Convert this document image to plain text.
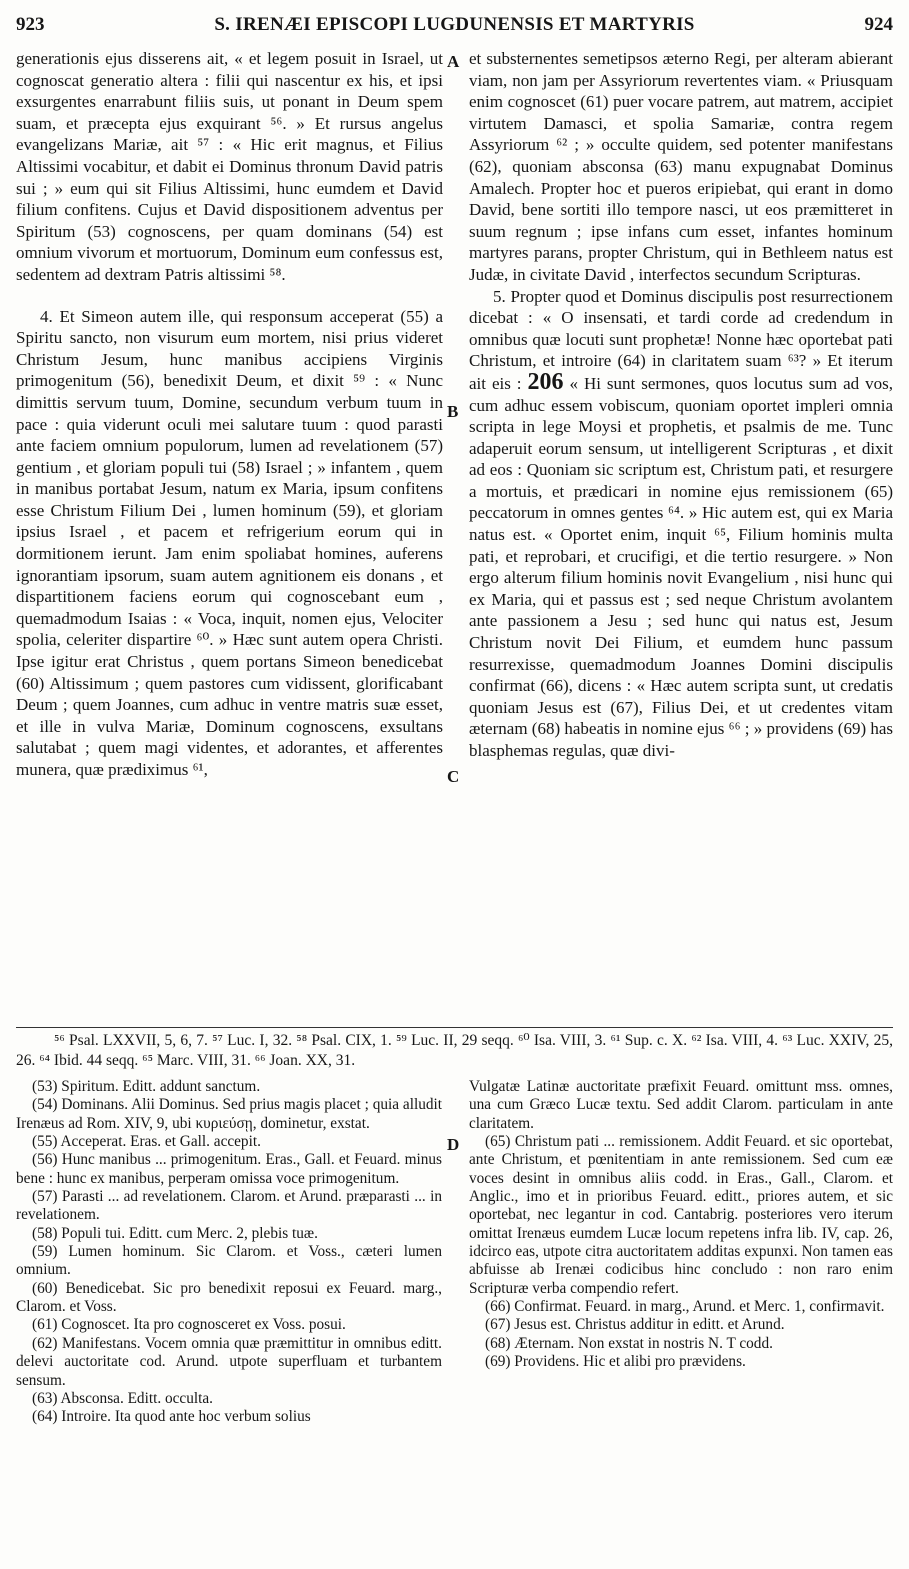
923	S. IRENÆI EPISCOPI LUGDUNENSIS ET MARTYRIS	924
A
B
C
D

generationis ejus disserens ait, « et legem posuit in Israel, ut cognoscat generatio altera : filii qui nascentur ex his, et ipsi exsurgentes enarrabunt filiis suis, ut ponant in Deum spem suam, et præcepta ejus exquirant ⁵⁶. » Et rursus angelus evangelizans Mariæ, ait ⁵⁷ : « Hic erit magnus, et Filius Altissimi vocabitur, et dabit ei Dominus thronum David patris sui ; » eum qui sit Filius Altissimi, hunc eumdem et David filium confitens. Cujus et David dispositionem adventus per Spiritum (53) cognoscens, per quam dominans (54) est omnium vivorum et mortuorum, Dominum eum confessus est, sedentem ad dextram Patris altissimi ⁵⁸.

4. Et Simeon autem ille, qui responsum acceperat (55) a Spiritu sancto, non visurum eum mortem, nisi prius videret Christum Jesum, hunc manibus accipiens Virginis primogenitum (56), benedixit Deum, et dixit ⁵⁹ : « Nunc dimittis servum tuum, Domine, secundum verbum tuum in pace : quia viderunt oculi mei salutare tuum : quod parasti ante faciem omnium populorum, lumen ad revelationem (57) gentium , et gloriam populi tui (58) Israel ; » infantem , quem in manibus portabat Jesum, natum ex Maria, ipsum confitens esse Christum Filium Dei , lumen hominum (59), et gloriam ipsius Israel , et pacem et refrigerium eorum qui in dormitionem ierunt. Jam enim spoliabat homines, auferens ignorantiam ipsorum, suam autem agnitionem eis donans , et dispartitionem faciens eorum qui cognoscebant eum , quemadmodum Isaias : « Voca, inquit, nomen ejus, Velociter spolia, celeriter dispartire ⁶⁰. » Hæc sunt autem opera Christi. Ipse igitur erat Christus , quem portans Simeon benedicebat (60) Altissimum ; quem pastores cum vidissent, glorificabant Deum ; quem Joannes, cum adhuc in ventre matris suæ esset, et ille in vulva Mariæ, Dominum cognoscens, exsultans salutabat ; quem magi videntes, et adorantes, et afferentes munera, quæ prædiximus ⁶¹,

et substernentes semetipsos æterno Regi, per alteram abierant viam, non jam per Assyriorum revertentes viam. « Priusquam enim cognoscet (61) puer vocare patrem, aut matrem, accipiet virtutem Damasci, et spolia Samariæ, contra regem Assyriorum ⁶² ; » occulte quidem, sed potenter manifestans (62), quoniam absconsa (63) manu expugnabat Dominus Amalech. Propter hoc et pueros eripiebat, qui erant in domo David, bene sortiti illo tempore nasci, ut eos præmitteret in suum regnum ; ipse infans cum esset, infantes hominum martyres parans, propter Christum, qui in Bethleem natus est Judæ, in civitate David , interfectos secundum Scripturas.

5. Propter quod et Dominus discipulis post resurrectionem dicebat : « O insensati, et tardi corde ad credendum in omnibus quæ locuti sunt prophetæ! Nonne hæc oportebat pati Christum, et introire (64) in claritatem suam ⁶³? » Et iterum ait eis : 206 « Hi sunt sermones, quos locutus sum ad vos, cum adhuc essem vobiscum, quoniam oportet impleri omnia scripta in lege Moysi et prophetis, et psalmis de me. Tunc adaperuit eorum sensum, ut intelligerent Scripturas , et dixit ad eos : Quoniam sic scriptum est, Christum pati, et resurgere a mortuis, et prædicari in nomine ejus remissionem (65) peccatorum in omnes gentes ⁶⁴. » Hic autem est, qui ex Maria natus est. « Oportet enim, inquit ⁶⁵, Filium hominis multa pati, et reprobari, et crucifigi, et die tertio resurgere. » Non ergo alterum filium hominis novit Evangelium , nisi hunc qui ex Maria, qui et passus est ; sed neque Christum avolantem ante passionem a Jesu ; sed hunc qui natus est, Jesum Christum novit Dei Filium, et eumdem hunc passum resurrexisse, quemadmodum Joannes Domini discipulis confirmat (66), dicens : « Hæc autem scripta sunt, ut credatis quoniam Jesus est (67), Filius Dei, et ut credentes vitam æternam (68) habeatis in nomine ejus ⁶⁶ ; » providens (69) has blasphemas regulas, quæ divi-

⁵⁶ Psal. LXXVII, 5, 6, 7. ⁵⁷ Luc. I, 32. ⁵⁸ Psal. CIX, 1. ⁵⁹ Luc. II, 29 seqq. ⁶⁰ Isa. VIII, 3. ⁶¹ Sup. c. X. ⁶² Isa. VIII, 4. ⁶³ Luc. XXIV, 25, 26. ⁶⁴ Ibid. 44 seqq. ⁶⁵ Marc. VIII, 31. ⁶⁶ Joan. XX, 31.

(53) Spiritum. Editt. addunt sanctum.

(54) Dominans. Alii Dominus. Sed prius magis placet ; quia alludit Irenæus ad Rom. XIV, 9, ubi κυριεύσῃ, dominetur, exstat.

(55) Acceperat. Eras. et Gall. accepit.

(56) Hunc manibus ... primogenitum. Eras., Gall. et Feuard. minus bene : hunc ex manibus, perperam omissa voce primogenitum.

(57) Parasti ... ad revelationem. Clarom. et Arund. præparasti ... in revelationem.

(58) Populi tui. Editt. cum Merc. 2, plebis tuæ.

(59) Lumen hominum. Sic Clarom. et Voss., cæteri lumen omnium.

(60) Benedicebat. Sic pro benedixit reposui ex Feuard. marg., Clarom. et Voss.

(61) Cognoscet. Ita pro cognosceret ex Voss. posui.

(62) Manifestans. Vocem omnia quæ præmittitur in omnibus editt. delevi auctoritate cod. Arund. utpote superfluam et turbantem sensum.

(63) Absconsa. Editt. occulta.

(64) Introire. Ita quod ante hoc verbum solius

Vulgatæ Latinæ auctoritate præfixit Feuard. omittunt mss. omnes, una cum Græco Lucæ textu. Sed addit Clarom. particulam in ante claritatem.

(65) Christum pati ... remissionem. Addit Feuard. et sic oportebat, ante Christum, et pœnitentiam in ante remissionem. Sed cum eæ voces desint in omnibus aliis codd. in Eras., Gall., Clarom. et Anglic., imo et in prioribus Feuard. editt., priores autem, et sic oportebat, nec legantur in cod. Cantabrig. posteriores vero iterum omittat Irenæus eumdem Lucæ locum repetens infra lib. IV, cap. 26, idcirco eas, utpote citra auctoritatem additas expunxi. Non tamen eas abfuisse ab Irenæi codicibus hinc concludo : non raro enim Scripturæ verba compendio refert.

(66) Confirmat. Feuard. in marg., Arund. et Merc. 1, confirmavit.

(67) Jesus est. Christus additur in editt. et Arund.

(68) Æternam. Non exstat in nostris N. T codd.

(69) Providens. Hic et alibi pro prævidens.
